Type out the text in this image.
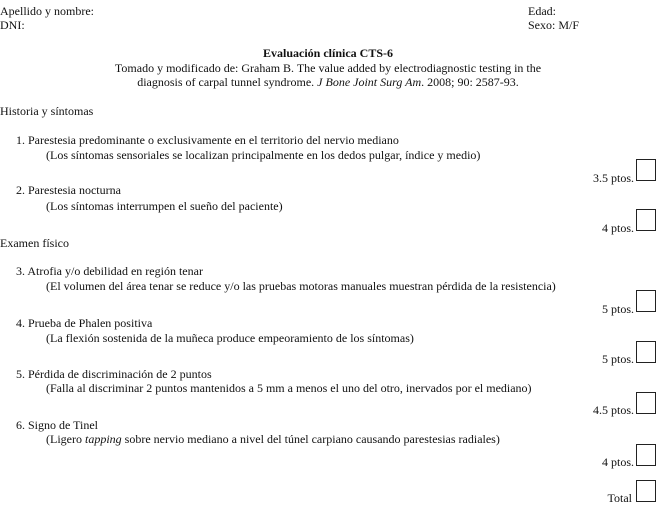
Apellido y nombre:
DNI:
Edad:
Sexo: M/F
Evaluación clínica CTS-6
Tomado y modificado de: Graham B. The value added by electrodiagnostic testing in the
diagnosis of carpal tunnel syndrome. J Bone Joint Surg Am. 2008; 90: 2587-93.
Historia y síntomas
1. Parestesia predominante o exclusivamente en el territorio del nervio mediano
(Los síntomas sensoriales se localizan principalmente en los dedos pulgar, índice y medio)
3.5 ptos.
2. Parestesia nocturna
(Los síntomas interrumpen el sueño del paciente)
4 ptos.
Examen físico
3. Atrofia y/o debilidad en región tenar
(El volumen del área tenar se reduce y/o las pruebas motoras manuales muestran pérdida de la resistencia)
5 ptos.
4. Prueba de Phalen positiva
(La flexión sostenida de la muñeca produce empeoramiento de los síntomas)
5 ptos.
5. Pérdida de discriminación de 2 puntos
(Falla al discriminar 2 puntos mantenidos a 5 mm a menos el uno del otro, inervados por el mediano)
4.5 ptos.
6. Signo de Tinel
(Ligero tapping sobre nervio mediano a nivel del túnel carpiano causando parestesias radiales)
4 ptos.
Total
